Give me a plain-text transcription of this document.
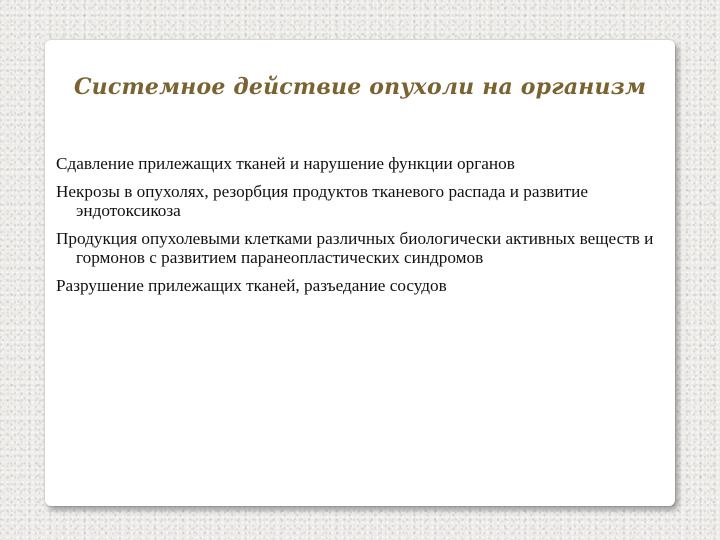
Системное действие опухоли на организм
Сдавление прилежащих тканей и нарушение функции органов
Некрозы в опухолях, резорбция продуктов тканевого распада и развитие эндотоксикоза
Продукция опухолевыми клетками различных биологически активных веществ и гормонов с развитием паранеопластических синдромов
Разрушение прилежащих тканей, разъедание сосудов
